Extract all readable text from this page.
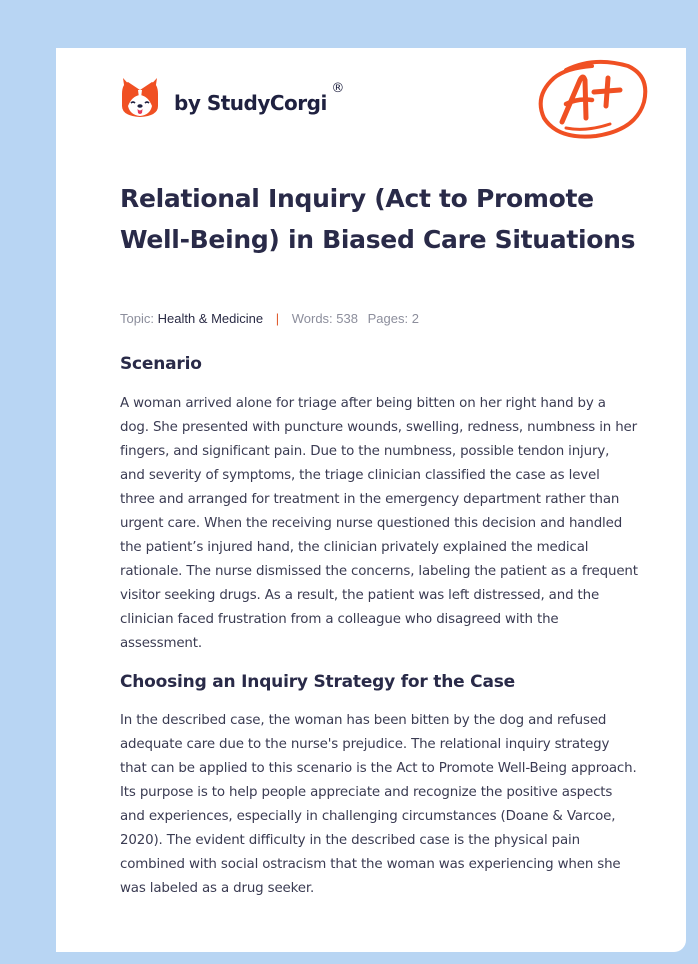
by StudyCorgi
®
Relational Inquiry (Act to Promote Well-Being) in Biased Care Situations
Topic: Health & Medicine | Words: 538 Pages: 2
Scenario

A woman arrived alone for triage after being bitten on her right hand by a dog. She presented with puncture wounds, swelling, redness, numbness in her fingers, and significant pain. Due to the numbness, possible tendon injury, and severity of symptoms, the triage clinician classified the case as level three and arranged for treatment in the emergency department rather than urgent care. When the receiving nurse questioned this decision and handled the patient’s injured hand, the clinician privately explained the medical rationale. The nurse dismissed the concerns, labeling the patient as a frequent visitor seeking drugs. As a result, the patient was left distressed, and the clinician faced frustration from a colleague who disagreed with the assessment.

Choosing an Inquiry Strategy for the Case

In the described case, the woman has been bitten by the dog and refused adequate care due to the nurse's prejudice. The relational inquiry strategy that can be applied to this scenario is the Act to Promote Well-Being approach. Its purpose is to help people appreciate and recognize the positive aspects and experiences, especially in challenging circumstances (Doane & Varcoe, 2020). The evident difficulty in the described case is the physical pain combined with social ostracism that the woman was experiencing when she was labeled as a drug seeker.
